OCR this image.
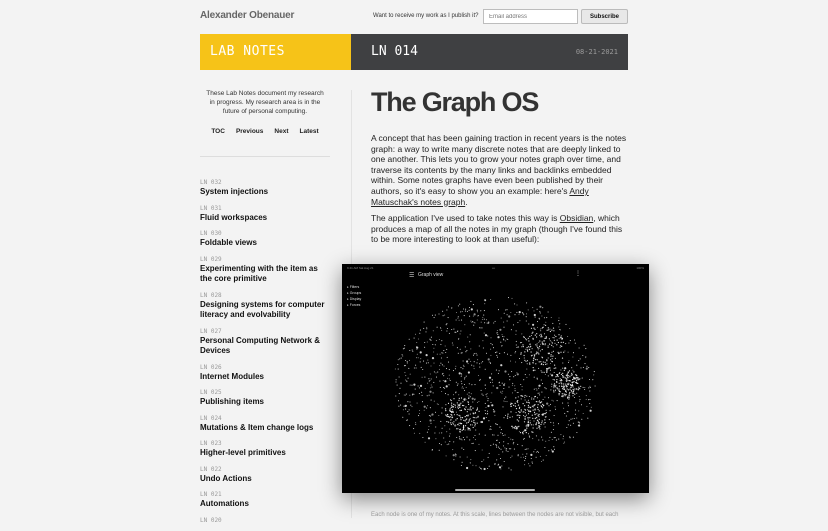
Alexander Obenauer	Want to receive my work as I publish it?
Email address	Subscribe
LAB NOTES	LN 014	08-21-2021

These Lab Notes document my research in progress. My research area is in the future of personal computing.

TOC Previous Next Latest
LN 032
System injections
LN 031
Fluid workspaces
LN 030
Foldable views
LN 029
Experimenting with the item as the core primitive
LN 028
Designing systems for computer literacy and evolvability
LN 027
Personal Computing Network & Devices
LN 026
Internet Modules
LN 025
Publishing items
LN 024
Mutations & Item change logs
LN 023
Higher-level primitives
LN 022
Undo Actions
LN 021
Automations
LN 020
The Graph OS

A concept that has been gaining traction in recent years is the notes graph: a way to write many discrete notes that are deeply linked to one another. This lets you to grow your notes graph over time, and traverse its contents by the many links and backlinks embedded within. Some notes graphs have even been published by their authors, so it's easy to show you an example: here's Andy Matuschak's notes graph.

The application I've used to take notes this way is Obsidian, which produces a map of all the notes in my graph (though I've found this to be more interesting to look at than useful):

9:41 AM Sat Aug 21	•••	100%
☰ Graph view	⋮
▸ Filters
▸ Groups
▸ Display
▸ Forces
Each node is one of my notes. At this scale, lines between the nodes are not visible, but each
